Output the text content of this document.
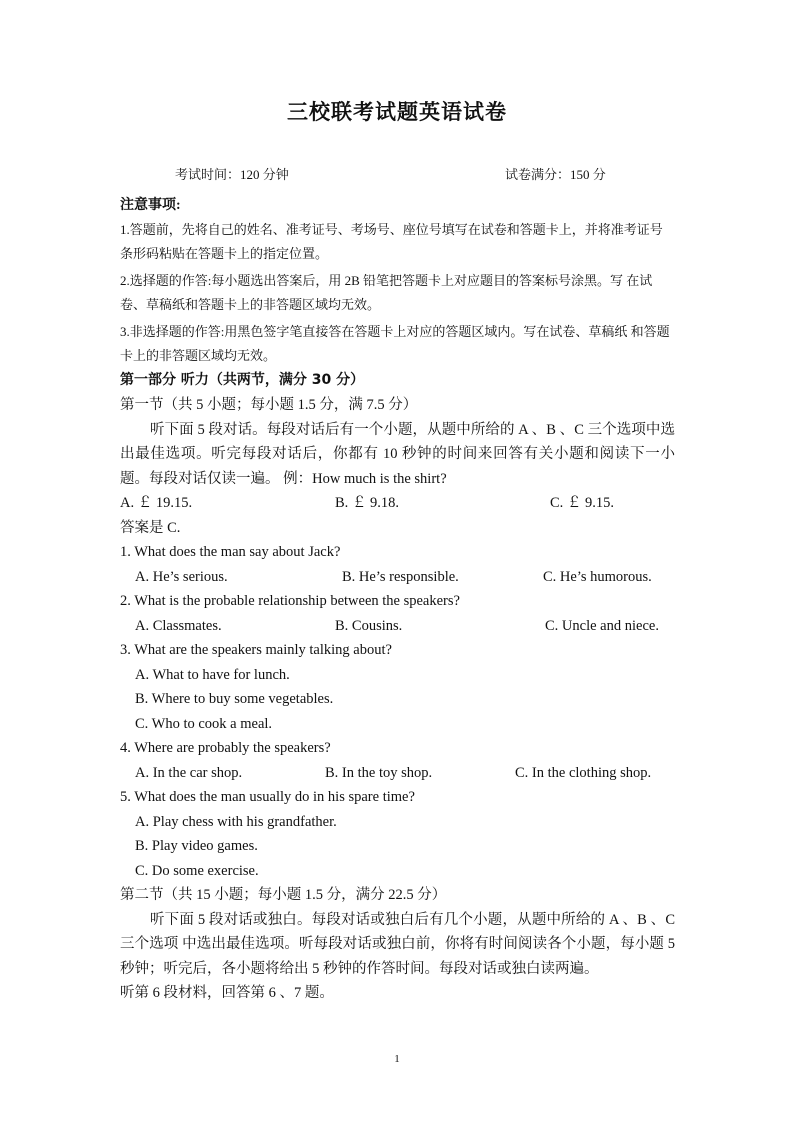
三校联考试题英语试卷
考试时间：120 分钟	试卷满分：150 分
注意事项:

1.答题前，先将自己的姓名、准考证号、考场号、座位号填写在试卷和答题卡上，并将准考证号条形码粘贴在答题卡上的指定位置。

2.选择题的作答:每小题选出答案后，用 2B 铅笔把答题卡上对应题目的答案标号涂黑。写 在试卷、草稿纸和答题卡上的非答题区域均无效。

3.非选择题的作答:用黑色签字笔直接答在答题卡上对应的答题区域内。写在试卷、草稿纸 和答题卡上的非答题区域均无效。

第一部分 听力（共两节，满分 30 分）
第一节（共 5 小题；每小题 1.5 分，满 7.5 分）
听下面 5 段对话。每段对话后有一个小题，从题中所给的 A 、B 、C 三个选项中选出最佳选项。听完每段对话后，你都有 10 秒钟的时间来回答有关小题和阅读下一小题。每段对话仅读一遍。 例：How much is the shirt?
A. ￡ 19.15.	B. ￡ 9.18.	C. ￡ 9.15.
答案是 C.
1. What does the man say about Jack?
A. He’s serious.	B. He’s responsible.	C. He’s humorous.
2. What is the probable relationship between the speakers?
A. Classmates.	B. Cousins.	C. Uncle and niece.
3. What are the speakers mainly talking about?
A. What to have for lunch.
B. Where to buy some vegetables.
C. Who to cook a meal.
4. Where are probably the speakers?
A. In the car shop.	B. In the toy shop.	C. In the clothing shop.
5. What does the man usually do in his spare time?
A. Play chess with his grandfather.
B. Play video games.
C. Do some exercise.
第二节（共 15 小题；每小题 1.5 分，满分 22.5 分）
听下面 5 段对话或独白。每段对话或独白后有几个小题，从题中所给的 A 、B 、C 三个选项 中选出最佳选项。听每段对话或独白前，你将有时间阅读各个小题，每小题 5 秒钟；听完后，各小题将给出 5 秒钟的作答时间。每段对话或独白读两遍。
听第 6 段材料，回答第 6 、7 题。
1
